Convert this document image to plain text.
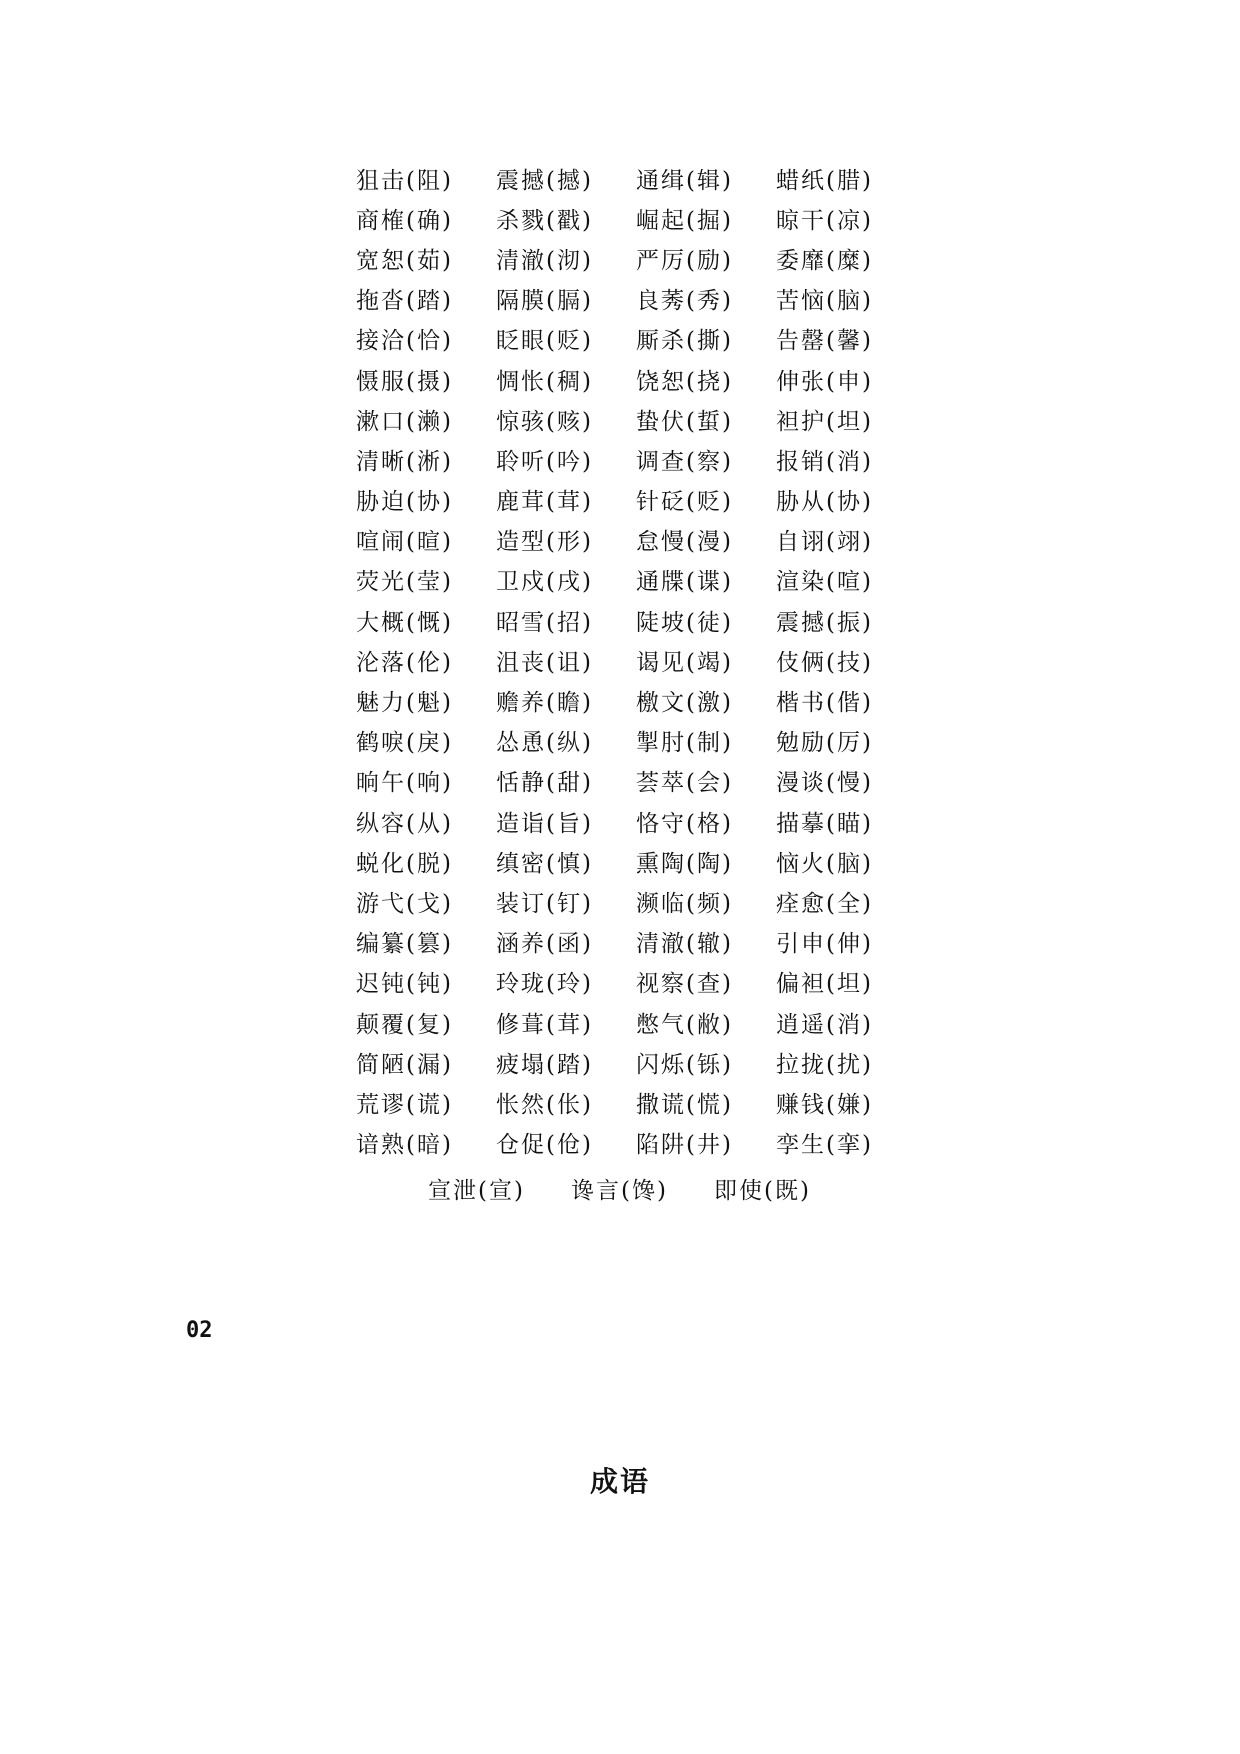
狙击(阻)	震撼(撼)	通缉(辑)	蜡纸(腊)
商榷(确)	杀戮(戳)	崛起(掘)	晾干(凉)
宽恕(茹)	清澈(沏)	严厉(励)	委靡(糜)
拖沓(踏)	隔膜(膈)	良莠(秀)	苦恼(脑)
接洽(恰)	眨眼(贬)	厮杀(撕)	告罄(馨)
慑服(摄)	惆怅(稠)	饶恕(挠)	伸张(申)
漱口(濑)	惊骇(赅)	蛰伏(蜇)	袒护(坦)
清晰(淅)	聆听(吟)	调查(察)	报销(消)
胁迫(协)	鹿茸(茸)	针砭(贬)	胁从(协)
喧闹(暄)	造型(形)	怠慢(漫)	自诩(翊)
荧光(莹)	卫戍(戌)	通牒(谍)	渲染(喧)
大概(慨)	昭雪(招)	陡坡(徒)	震撼(振)
沦落(伦)	沮丧(诅)	谒见(竭)	伎俩(技)
魅力(魁)	赡养(瞻)	檄文(激)	楷书(偕)
鹤唳(戾)	怂恿(纵)	掣肘(制)	勉励(厉)
晌午(响)	恬静(甜)	荟萃(会)	漫谈(慢)
纵容(从)	造诣(旨)	恪守(格)	描摹(瞄)
蜕化(脱)	缜密(慎)	熏陶(陶)	恼火(脑)
游弋(戈)	装订(钉)	濒临(频)	痊愈(全)
编纂(篡)	涵养(函)	清澈(辙)	引申(伸)
迟钝(钝)	玲珑(玲)	视察(查)	偏袒(坦)
颠覆(复)	修葺(茸)	憋气(敝)	逍遥(消)
简陋(漏)	疲塌(踏)	闪烁(铄)	拉拢(扰)
荒谬(谎)	怅然(伥)	撒谎(慌)	赚钱(嫌)
谙熟(暗)	仓促(伧)	陷阱(井)	孪生(挛)
宣泄(宣)	谗言(馋)	即使(既)
02
成语
